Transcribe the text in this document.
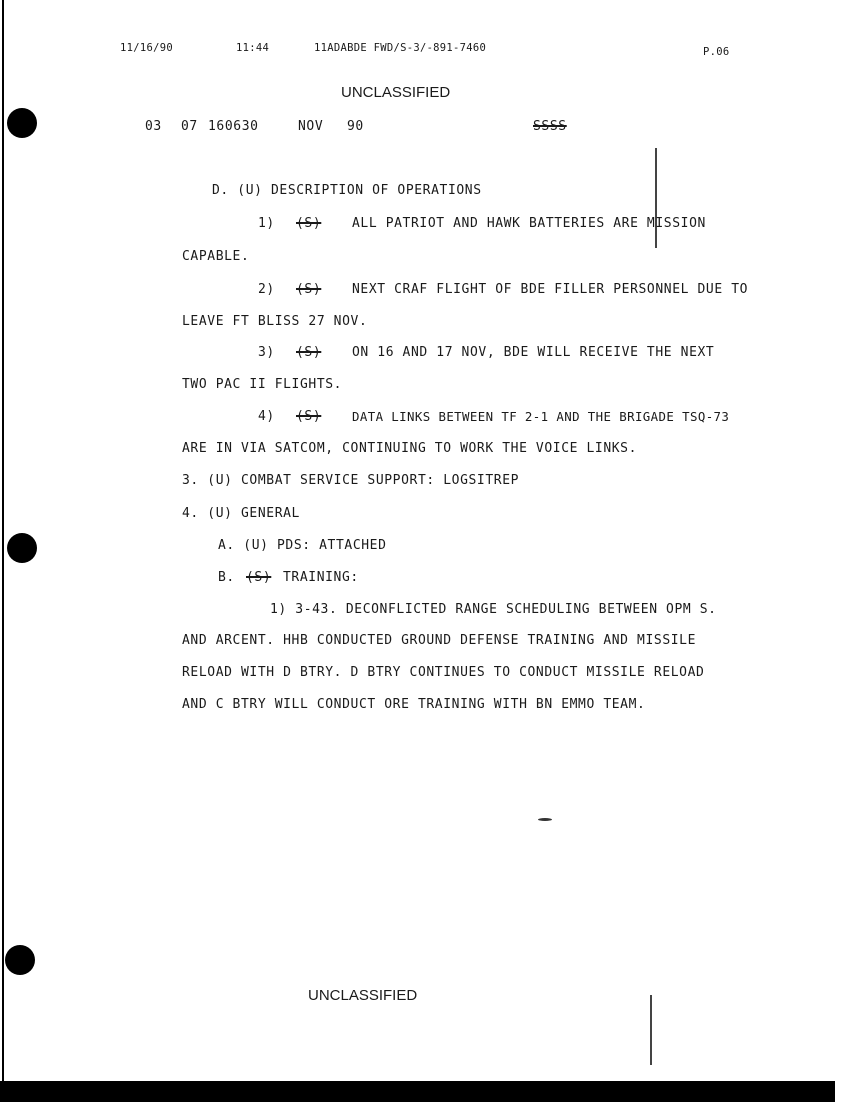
11/16/90	11:44	11ADABDE FWD/S-3/-891-7460	P.06
UNCLASSIFIED
03 07 160630	NOV 90	SSSS
D. (U) DESCRIPTION OF OPERATIONS
1) (S) ALL PATRIOT AND HAWK BATTERIES ARE MISSION
CAPABLE.
2) (S) NEXT CRAF FLIGHT OF BDE FILLER PERSONNEL DUE TO
LEAVE FT BLISS 27 NOV.
3) (S) ON 16 AND 17 NOV, BDE WILL RECEIVE THE NEXT
TWO PAC II FLIGHTS.
4) (S) DATA LINKS BETWEEN TF 2-1 AND THE BRIGADE TSQ-73
ARE IN VIA SATCOM, CONTINUING TO WORK THE VOICE LINKS.
3. (U) COMBAT SERVICE SUPPORT: LOGSITREP
4. (U) GENERAL
A. (U) PDS: ATTACHED
B. (S) TRAINING:
1) 3-43. DECONFLICTED RANGE SCHEDULING BETWEEN OPM S.
AND ARCENT. HHB CONDUCTED GROUND DEFENSE TRAINING AND MISSILE
RELOAD WITH D BTRY. D BTRY CONTINUES TO CONDUCT MISSILE RELOAD
AND C BTRY WILL CONDUCT ORE TRAINING WITH BN EMMO TEAM.
UNCLASSIFIED
